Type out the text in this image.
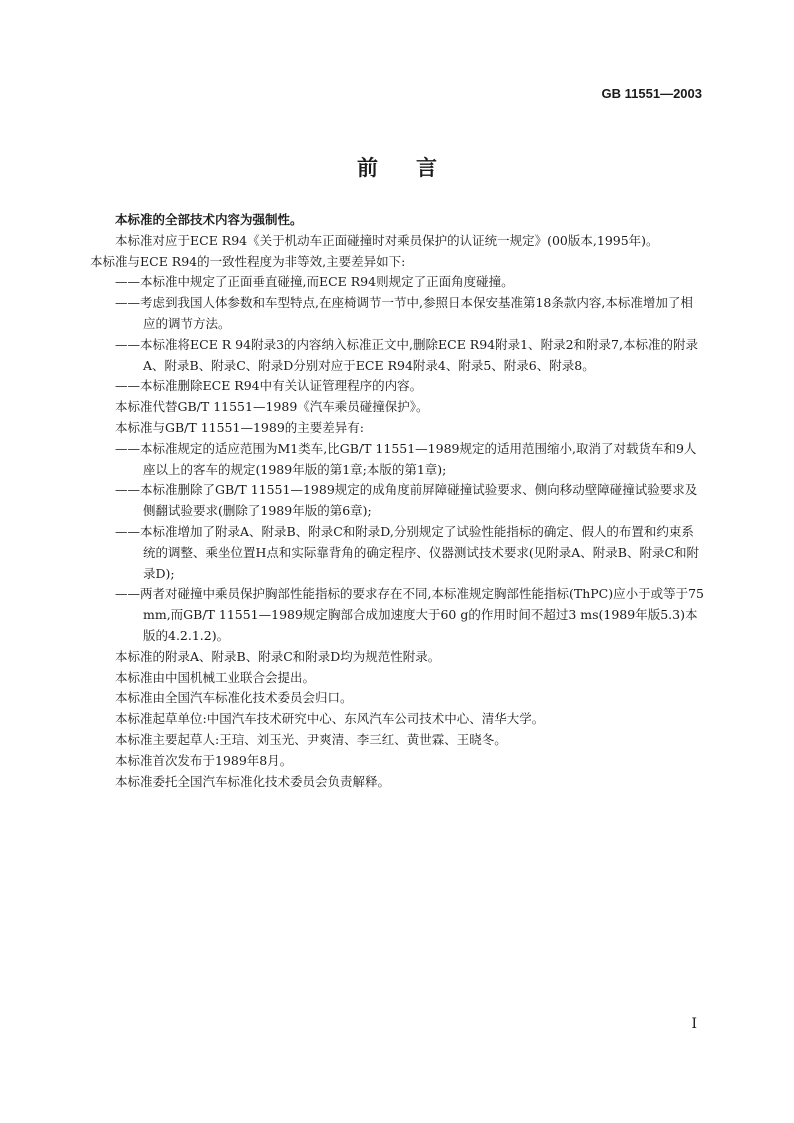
GB 11551—2003
前言

本标准的全部技术内容为强制性。

本标准对应于ECE R94《关于机动车正面碰撞时对乘员保护的认证统一规定》(00版本,1995年)。

本标准与ECE R94的一致性程度为非等效,主要差异如下:

——本标准中规定了正面垂直碰撞,而ECE R94则规定了正面角度碰撞。

——考虑到我国人体参数和车型特点,在座椅调节一节中,参照日本保安基准第18条款内容,本标准增加了相应的调节方法。

——本标准将ECE R 94附录3的内容纳入标准正文中,删除ECE R94附录1、附录2和附录7,本标准的附录A、附录B、附录C、附录D分别对应于ECE R94附录4、附录5、附录6、附录8。

——本标准删除ECE R94中有关认证管理程序的内容。

本标准代替GB/T 11551—1989《汽车乘员碰撞保护》。

本标准与GB/T 11551—1989的主要差异有:

——本标准规定的适应范围为M1类车,比GB/T 11551—1989规定的适用范围缩小,取消了对载货车和9人座以上的客车的规定(1989年版的第1章;本版的第1章);

——本标准删除了GB/T 11551—1989规定的成角度前屏障碰撞试验要求、侧向移动壁障碰撞试验要求及侧翻试验要求(删除了1989年版的第6章);

——本标准增加了附录A、附录B、附录C和附录D,分别规定了试验性能指标的确定、假人的布置和约束系统的调整、乘坐位置H点和实际靠背角的确定程序、仪器测试技术要求(见附录A、附录B、附录C和附录D);

——两者对碰撞中乘员保护胸部性能指标的要求存在不同,本标准规定胸部性能指标(ThPC)应小于或等于75 mm,而GB/T 11551—1989规定胸部合成加速度大于60 g的作用时间不超过3 ms(1989年版5.3)本版的4.2.1.2)。

本标准的附录A、附录B、附录C和附录D均为规范性附录。

本标准由中国机械工业联合会提出。

本标准由全国汽车标准化技术委员会归口。

本标准起草单位:中国汽车技术研究中心、东风汽车公司技术中心、清华大学。

本标准主要起草人:王琂、刘玉光、尹爽清、李三红、黄世霖、王晓冬。

本标准首次发布于1989年8月。

本标准委托全国汽车标准化技术委员会负责解释。

I
